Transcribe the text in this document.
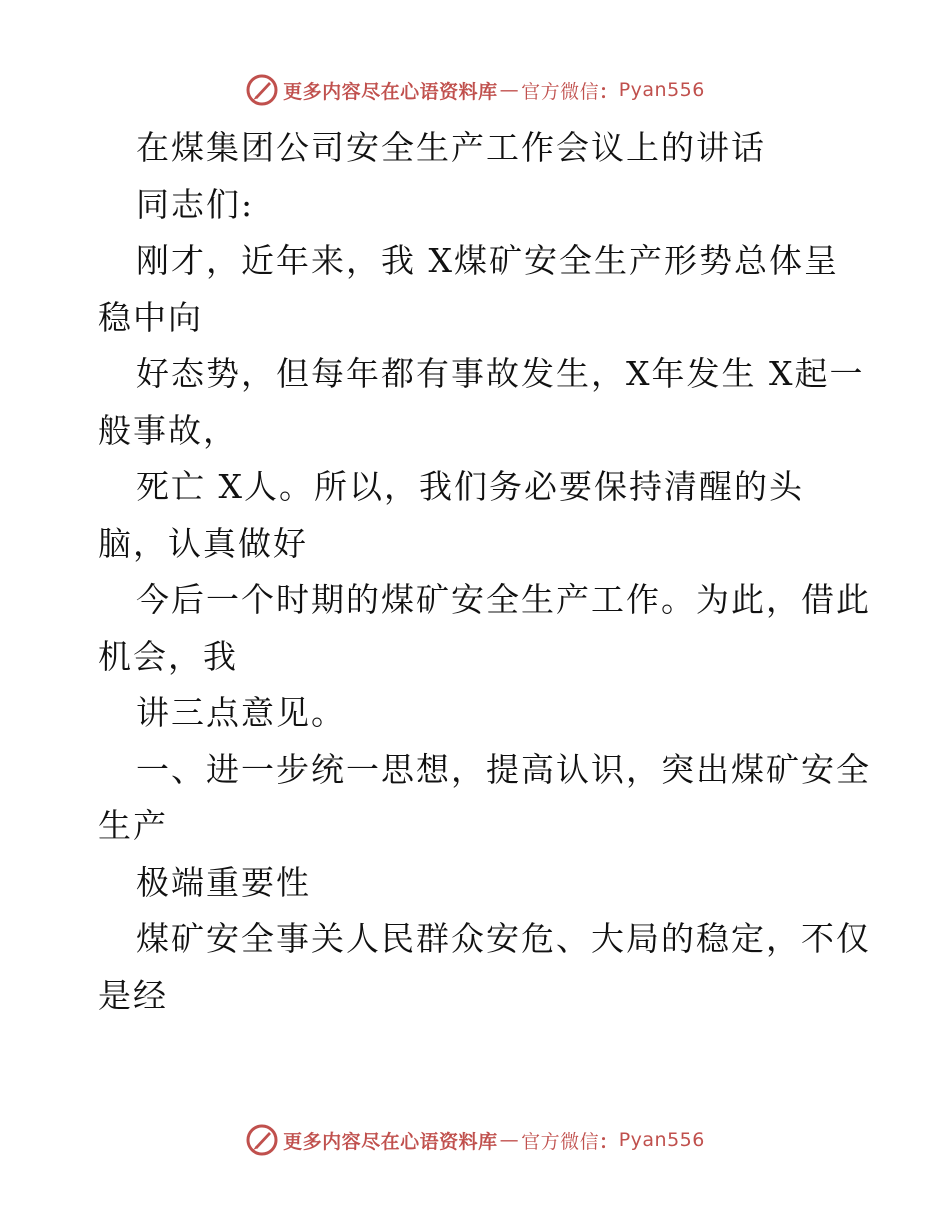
更多内容尽在心语资料库 — 官方微信 ： Pyan556
在煤集团公司安全生产工作会议上的讲话
同志们:
刚才，近年来，我 X煤矿安全生产形势总体呈
稳中向
好态势，但每年都有事故发生，X年发生 X起一
般事故，
死亡 X人。所以，我们务必要保持清醒的头
脑，认真做好
今后一个时期的煤矿安全生产工作。为此，借此
机会，我
讲三点意见。
一、进一步统一思想，提高认识，突出煤矿安全
生产
极端重要性
煤矿安全事关人民群众安危、大局的稳定，不仅
是经
更多内容尽在心语资料库 — 官方微信 ： Pyan556
